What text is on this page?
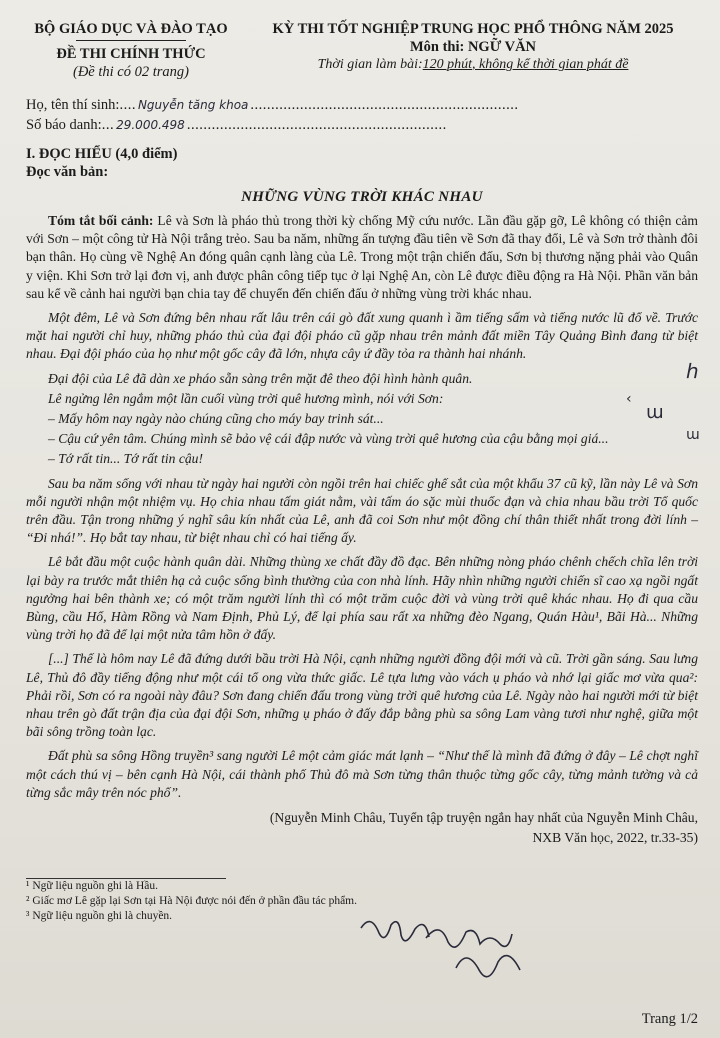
BỘ GIÁO DỤC VÀ ĐÀO TẠO
ĐỀ THI CHÍNH THỨC
(Đề thi có 02 trang)
KỲ THI TỐT NGHIỆP TRUNG HỌC PHỔ THÔNG NĂM 2025
Môn thi: NGỮ VĂN
Thời gian làm bài:120 phút, không kể thời gian phát đề
Họ, tên thí sinh: .... Nguyễn tăng khoa .................................................................
Số báo danh: ... 29.000.498 ...............................................................
I. ĐỌC HIỂU (4,0 điểm)
Đọc văn bản:
NHỮNG VÙNG TRỜI KHÁC NHAU

Tóm tắt bối cảnh: Lê và Sơn là pháo thủ trong thời kỳ chống Mỹ cứu nước. Lần đầu gặp gỡ, Lê không có thiện cảm với Sơn – một công tử Hà Nội trắng trẻo. Sau ba năm, những ấn tượng đầu tiên về Sơn đã thay đổi, Lê và Sơn trở thành đôi bạn thân. Họ cùng về Nghệ An đóng quân cạnh làng của Lê. Trong một trận chiến đấu, Sơn bị thương nặng phải vào Quân y viện. Khi Sơn trở lại đơn vị, anh được phân công tiếp tục ở lại Nghệ An, còn Lê được điều động ra Hà Nội. Phần văn bản sau kể về cảnh hai người bạn chia tay để chuyển đến chiến đấu ở những vùng trời khác nhau.

Một đêm, Lê và Sơn đứng bên nhau rất lâu trên cái gò đất xung quanh ì ầm tiếng sấm và tiếng nước lũ đổ về. Trước mặt hai người chỉ huy, những pháo thủ của đại đội pháo cũ gặp nhau trên mảnh đất miền Tây Quảng Bình đang từ biệt nhau. Đại đội pháo của họ như một gốc cây đã lớn, nhựa cây ứ đầy tỏa ra thành hai nhánh.

Đại đội của Lê đã dàn xe pháo sẵn sàng trên mặt đê theo đội hình hành quân.	ℎ
Lê ngửng lên ngắm một lần cuối vùng trời quê hương mình, nói với Sơn:	‹
– Mấy hôm nay ngày nào chúng cũng cho máy bay trinh sát...	ɯ
– Cậu cứ yên tâm. Chúng mình sẽ bảo vệ cái đập nước và vùng trời quê hương của cậu bằng mọi giá...	ɯ
– Tớ rất tin... Tớ rất tin cậu!

Sau ba năm sống với nhau từ ngày hai người còn ngồi trên hai chiếc ghế sắt của một khẩu 37 cũ kỹ, lần này Lê và Sơn mỗi người nhận một nhiệm vụ. Họ chia nhau tấm giát nằm, vài tấm áo sặc mùi thuốc đạn và chia nhau bầu trời Tổ quốc trên đầu. Tận trong những ý nghĩ sâu kín nhất của Lê, anh đã coi Sơn như một đồng chí thân thiết nhất trong đời lính – “Đi nhá!”. Họ bắt tay nhau, từ biệt nhau chỉ có hai tiếng ấy.

Lê bắt đầu một cuộc hành quân dài. Những thùng xe chất đầy đồ đạc. Bên những nòng pháo chênh chếch chĩa lên trời lại bày ra trước mắt thiên hạ cả cuộc sống bình thường của con nhà lính. Hãy nhìn những người chiến sĩ cao xạ ngồi ngất ngưởng hai bên thành xe; có một trăm người lính thì có một trăm cuộc đời và vùng trời quê khác nhau. Họ đi qua cầu Bùng, cầu Hổ, Hàm Rồng và Nam Định, Phủ Lý, để lại phía sau rất xa những đèo Ngang, Quán Hàu¹, Bãi Hà... Những vùng trời họ đã để lại một nửa tâm hồn ở đấy.

[...] Thế là hôm nay Lê đã đứng dưới bầu trời Hà Nội, cạnh những người đồng đội mới và cũ. Trời gần sáng. Sau lưng Lê, Thủ đô đầy tiếng động như một cái tổ ong vừa thức giấc. Lê tựa lưng vào vách ụ pháo và nhớ lại giấc mơ vừa qua²: Phải rồi, Sơn có ra ngoài này đâu? Sơn đang chiến đấu trong vùng trời quê hương của Lê. Ngày nào hai người mới từ biệt nhau trên gò đất trận địa của đại đội Sơn, những ụ pháo ở đấy đắp bằng phù sa sông Lam vàng tươi như nghệ, giữa một bãi sông trồng toàn lạc.

Đất phù sa sông Hồng truyền³ sang người Lê một cảm giác mát lạnh – “Như thế là mình đã đứng ở đây – Lê chợt nghĩ một cách thú vị – bên cạnh Hà Nội, cái thành phố Thủ đô mà Sơn từng thân thuộc từng gốc cây, từng mảnh tường và cả từng sắc mây trên nóc phố”.

(Nguyễn Minh Châu, Tuyển tập truyện ngắn hay nhất của Nguyễn Minh Châu,
NXB Văn học, 2022, tr.33-35)
¹ Ngữ liệu nguồn ghi là Hầu.
² Giấc mơ Lê gặp lại Sơn tại Hà Nội được nói đến ở phần đầu tác phẩm.
³ Ngữ liệu nguồn ghi là chuyền.
Trang 1/2
